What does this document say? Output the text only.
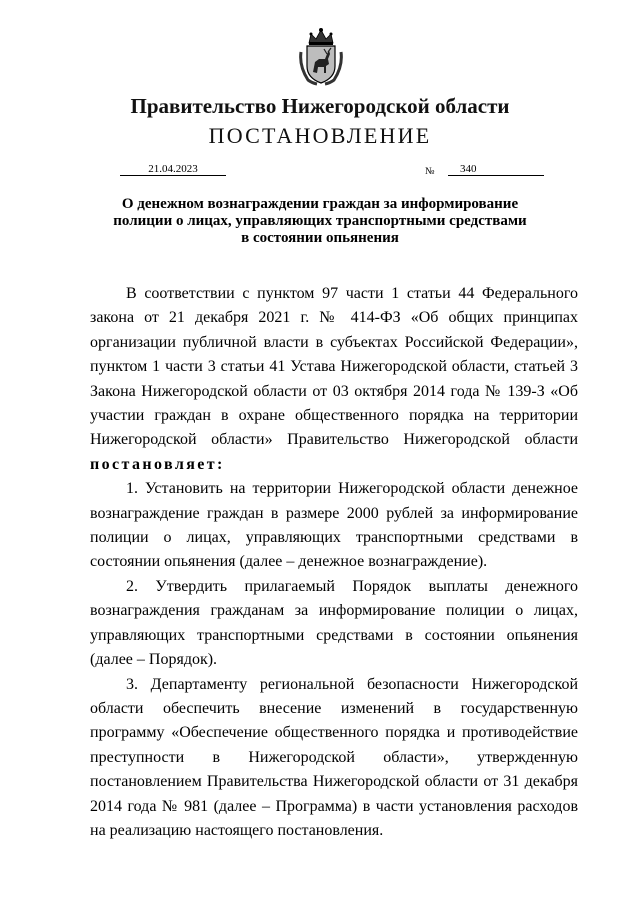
Правительство Нижегородской области
ПОСТАНОВЛЕНИЕ
21.04.2023	№	340
О денежном вознаграждении граждан за информирование
полиции о лицах, управляющих транспортными средствами
в состоянии опьянения

В соответствии с пунктом 97 части 1 статьи 44 Федерального закона от 21 декабря 2021 г. № 414-ФЗ «Об общих принципах организации публичной власти в субъектах Российской Федерации», пунктом 1 части 3 статьи 41 Устава Нижегородской области, статьей 3 Закона Нижегородской области от 03 октября 2014 года № 139-З «Об участии граждан в охране общественного порядка на территории Нижегородской области» Правительство Нижегородской области постановляет:

1. Установить на территории Нижегородской области денежное вознаграждение граждан в размере 2000 рублей за информирование полиции о лицах, управляющих транспортными средствами в состоянии опьянения (далее – денежное вознаграждение).

2. Утвердить прилагаемый Порядок выплаты денежного вознаграждения гражданам за информирование полиции о лицах, управляющих транспортными средствами в состоянии опьянения (далее – Порядок).

3. Департаменту региональной безопасности Нижегородской области обеспечить внесение изменений в государственную программу «Обеспечение общественного порядка и противодействие преступности в Нижегородской области», утвержденную постановлением Правительства Нижегородской области от 31 декабря 2014 года № 981 (далее – Программа) в части установления расходов на реализацию настоящего постановления.
